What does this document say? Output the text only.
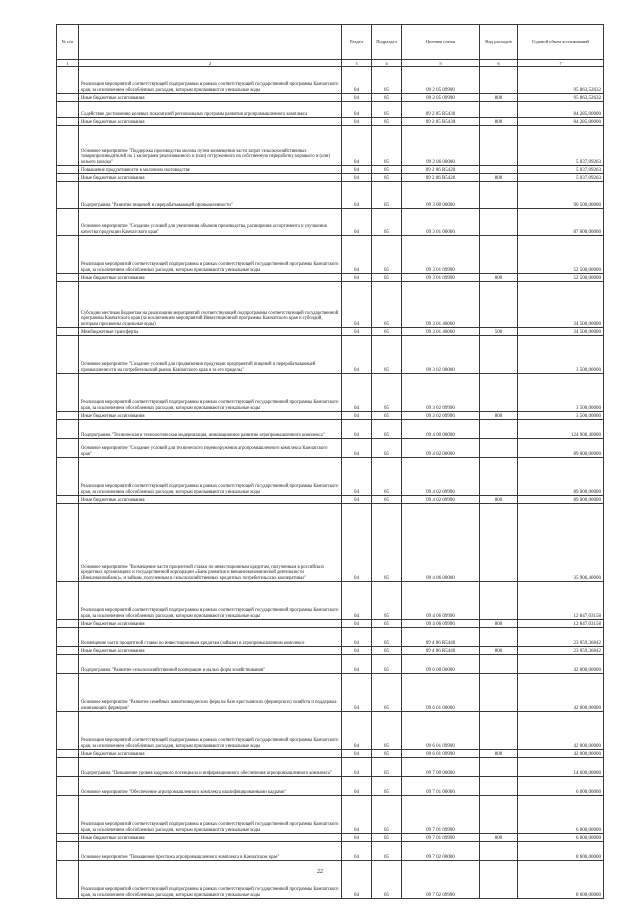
№ п/п		Раздел	Подраздел	Целевая статья	Вид расходов	Годовой объем ассигнований
1	2	3	4	5	6	7
	Реализация мероприятий соответствующей подпрограммы в рамках соответствующей государственной программы Камчатского края, за исключением обособленных расходов, которым присваиваются уникальные коды	04	05	09 2 05 09990		95 863,52632
	Иные бюджетные ассигнования	04	05	09 2 05 09990	800	95 863,52632
	Содействие достижению целевых показателей региональных программ развития агропромышленного комплекса	04	05	09 2 05 R5430		84 285,00000
	Иные бюджетные ассигнования	04	05	09 2 05 R5430	800	84 285,00000
	Основное мероприятие "Поддержка производства молока путем возмещения части затрат сельскохозяйственных товаропроизводителей на 1 килограмм реализованного и (или) отгруженного на собственную переработку коровьего и (или) козьего молока"	04	05	09 2 06 00000		5 037,09263
	Повышение продуктивности в молочном скотоводстве	04	05	09 2 06 R5420		5 037,09263
	Иные бюджетные ассигнования	04	05	09 2 06 R5420	800	5 037,09263
	Подпрограмма "Развитие пищевой и перерабатывающей промышленности"	04	05	09 3 00 00000		90 500,00000
	Основное мероприятие "Создание условий для увеличения объемов производства, расширения ассортимента и улучшения качества продукции Камчатского края"	04	05	09 3 01 00000		87 000,00000
	Реализация мероприятий соответствующей подпрограммы в рамках соответствующей государственной программы Камчатского края, за исключением обособленных расходов, которым присваиваются уникальные коды	04	05	09 3 01 09990		52 500,00000
	Иные бюджетные ассигнования	04	05	09 3 01 09990	800	52 500,00000
	Субсидии местным бюджетам на реализацию мероприятий соответствующей подпрограммы соответствующей государственной программы Камчатского края (за исключением мероприятий Инвестиционной программы Камчатского края и субсидий, которым присвоены отдельные коды)	04	05	09 3 01 40060		34 500,00000
	Межбюджетные трансферты	04	05	09 3 01 40060	500	34 500,00000
	Основное мероприятие "Создание условий для продвижения продукции предприятий пищевой и перерабатывающей промышленности на потребительский рынок Камчатского края и за его пределы"	04	05	09 3 02 00000		3 500,00000
	Реализация мероприятий соответствующей подпрограммы в рамках соответствующей государственной программы Камчатского края, за исключением обособленных расходов, которым присваиваются уникальные коды	04	05	09 3 02 09990		3 500,00000
	Иные бюджетные ассигнования	04	05	09 3 02 09990	800	3 500,00000
	Подпрограмма "Техническая и технологическая модернизация, инновационное развитие агропромышленного комплекса"	04	05	09 4 00 00000		124 906,40000
	Основное мероприятие "Создание условий для технического перевооружения агропромышленного комплекса Камчатского края"	04	05	09 4 02 00000		89 000,00000
	Реализация мероприятий соответствующей подпрограммы в рамках соответствующей государственной программы Камчатского края, за исключением обособленных расходов, которым присваиваются уникальные коды	04	05	09 4 02 09990		89 000,00000
	Иные бюджетные ассигнования	04	05	09 4 02 09990	800	89 000,00000
	Основное мероприятие "Возмещение части процентной ставки по инвестиционным кредитам, полученным в российских кредитных организациях и государственной корпорации «Банк развития и внешнеэкономической деятельности (Внешэкономбанк)», и займам, полученным в сельскохозяйственных кредитных потребительских кооперативах"	04	05	09 4 06 00000		35 906,40000
	Реализация мероприятий соответствующей подпрограммы в рамках соответствующей государственной программы Камчатского края, за исключением обособленных расходов, которым присваиваются уникальные коды	04	05	09 4 06 09990		12 847,03158
	Иные бюджетные ассигнования	04	05	09 4 06 09990	800	12 847,03158
	Возмещение части процентной ставки по инвестиционным кредитам (займам) в агропромышленном комплексе	04	05	09 4 06 R5440		23 059,36842
	Иные бюджетные ассигнования	04	05	09 4 06 R5440	800	23 059,36842
	Подпрограмма "Развитие сельскохозяйственной кооперации и малых форм хозяйствования"	04	05	09 6 00 00000		42 000,00000
	Основное мероприятие "Развитие семейных животноводческих ферм на базе крестьянских (фермерских) хозяйств и поддержка начинающих фермеров"	04	05	09 6 01 00000		42 000,00000
	Реализация мероприятий соответствующей подпрограммы в рамках соответствующей государственной программы Камчатского края, за исключением обособленных расходов, которым присваиваются уникальные коды	04	05	09 6 01 09990		42 000,00000
	Иные бюджетные ассигнования	04	05	09 6 01 09990	800	42 000,00000
	Подпрограмма "Повышение уровня кадрового потенциала и информационного обеспечения агропромышленного комплекса"	04	05	09 7 00 00000		14 600,00000
	Основное мероприятие "Обеспечение агропромышленного комплекса квалифицированными кадрами"	04	05	09 7 01 00000		6 000,00000
	Реализация мероприятий соответствующей подпрограммы в рамках соответствующей государственной программы Камчатского края, за исключением обособленных расходов, которым присваиваются уникальные коды	04	05	09 7 01 09990		6 000,00000
	Иные бюджетные ассигнования	04	05	09 7 01 09990	800	6 000,00000
	Основное мероприятие "Повышение престижа агропромышленного комплекса в Камчатском крае"	04	05	09 7 02 00000		8 600,00000
	Реализация мероприятий соответствующей подпрограммы в рамках соответствующей государственной программы Камчатского края, за исключением обособленных расходов, которым присваиваются уникальные коды	04	05	09 7 02 09990		8 600,00000
22
